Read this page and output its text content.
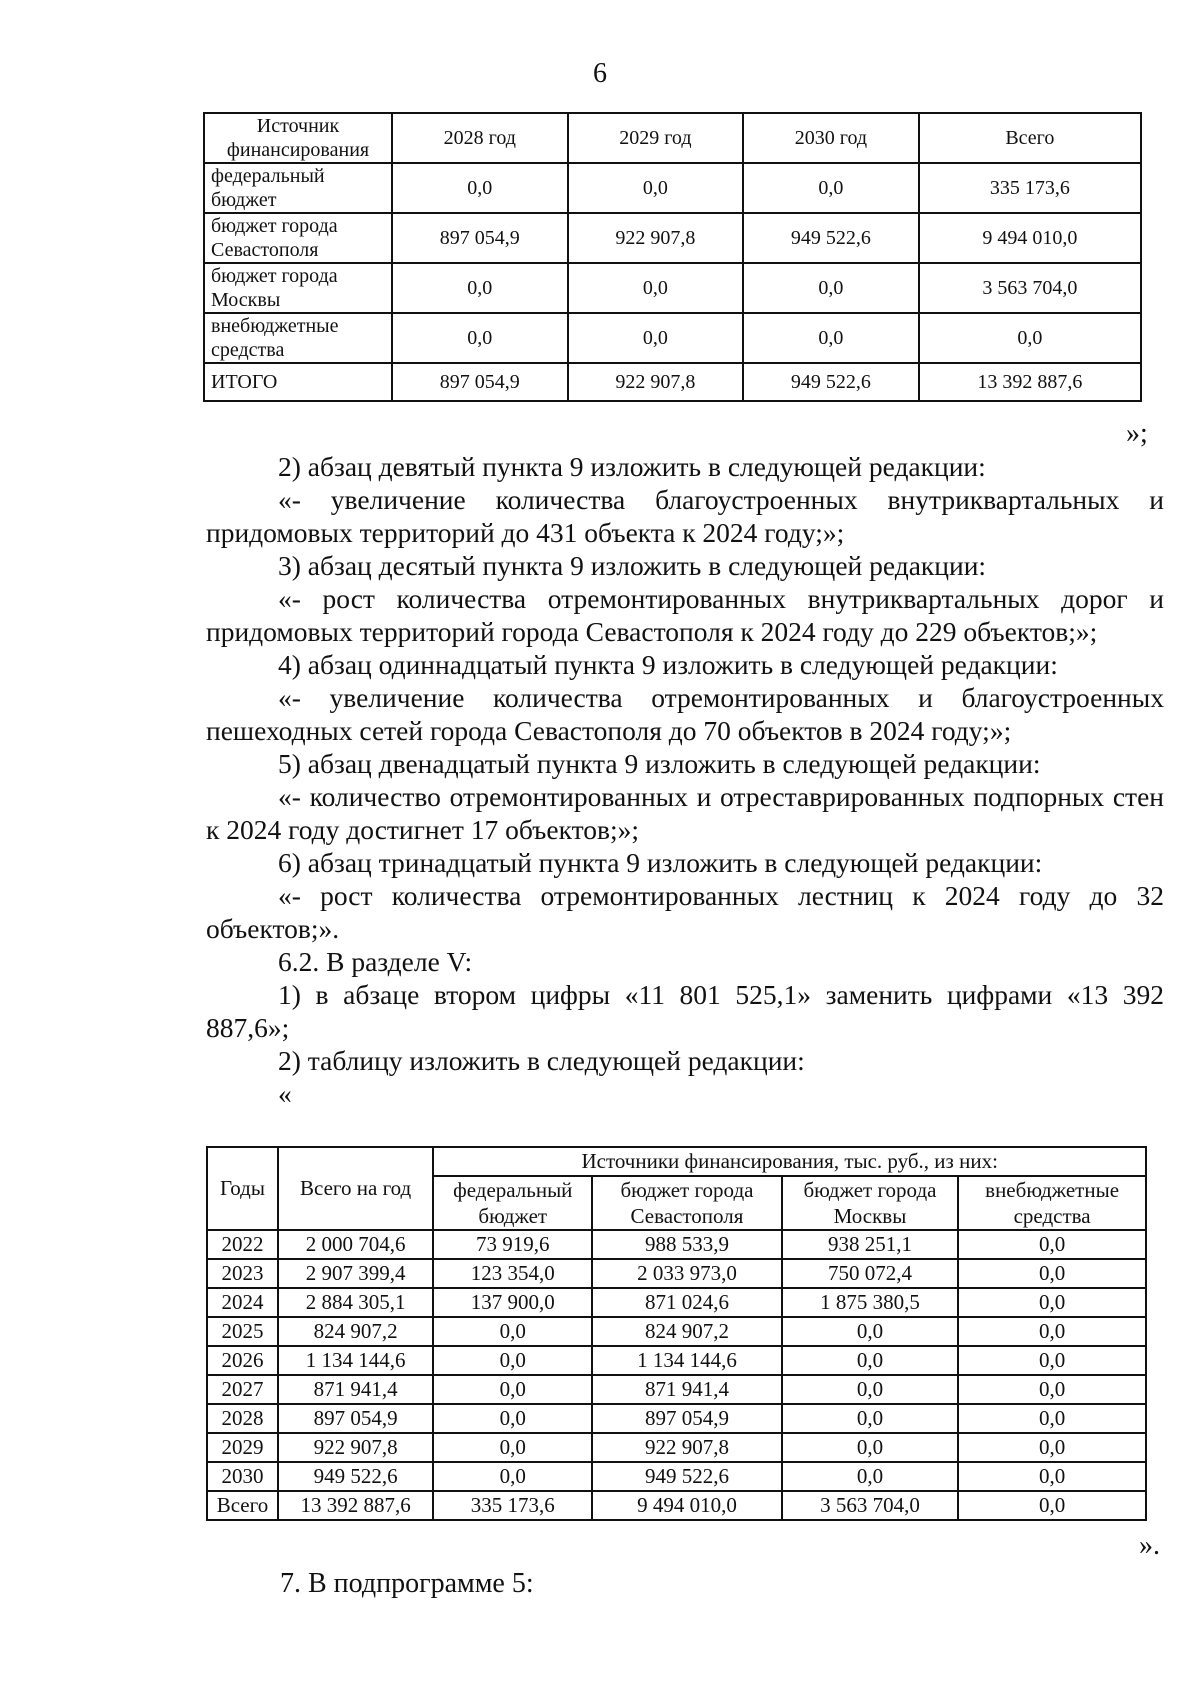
6
Источник финансирования	2028 год	2029 год	2030 год	Всего
федеральный бюджет	0,0	0,0	0,0	335 173,6
бюджет города Севастополя	897 054,9	922 907,8	949 522,6	9 494 010,0
бюджет города Москвы	0,0	0,0	0,0	3 563 704,0
внебюджетные средства	0,0	0,0	0,0	0,0
ИТОГО	897 054,9	922 907,8	949 522,6	13 392 887,6
»;

2) абзац девятый пункта 9 изложить в следующей редакции:

«- увеличение количества благоустроенных внутриквартальных и придомовых территорий до 431 объекта к 2024 году;»;

3) абзац десятый пункта 9 изложить в следующей редакции:

«- рост количества отремонтированных внутриквартальных дорог и придомовых территорий города Севастополя к 2024 году до 229 объектов;»;

4) абзац одиннадцатый пункта 9 изложить в следующей редакции:

«- увеличение количества отремонтированных и благоустроенных пешеходных сетей города Севастополя до 70 объектов в 2024 году;»;

5) абзац двенадцатый пункта 9 изложить в следующей редакции:

«- количество отремонтированных и отреставрированных подпорных стен к 2024 году достигнет 17 объектов;»;

6) абзац тринадцатый пункта 9 изложить в следующей редакции:

«- рост количества отремонтированных лестниц к 2024 году до 32 объектов;».

6.2. В разделе V:

1) в абзаце втором цифры «11 801 525,1» заменить цифрами «13 392 887,6»;

2) таблицу изложить в следующей редакции:

«

Годы	Всего на год	Источники финансирования, тыс. руб., из них:			
		федеральный бюджет	бюджет города Севастополя	бюджет города Москвы	внебюджетные средства
2022	2 000 704,6	73 919,6	988 533,9	938 251,1	0,0
2023	2 907 399,4	123 354,0	2 033 973,0	750 072,4	0,0
2024	2 884 305,1	137 900,0	871 024,6	1 875 380,5	0,0
2025	824 907,2	0,0	824 907,2	0,0	0,0
2026	1 134 144,6	0,0	1 134 144,6	0,0	0,0
2027	871 941,4	0,0	871 941,4	0,0	0,0
2028	897 054,9	0,0	897 054,9	0,0	0,0
2029	922 907,8	0,0	922 907,8	0,0	0,0
2030	949 522,6	0,0	949 522,6	0,0	0,0
Всего	13 392 887,6	335 173,6	9 494 010,0	3 563 704,0	0,0
».
7. В подпрограмме 5:
